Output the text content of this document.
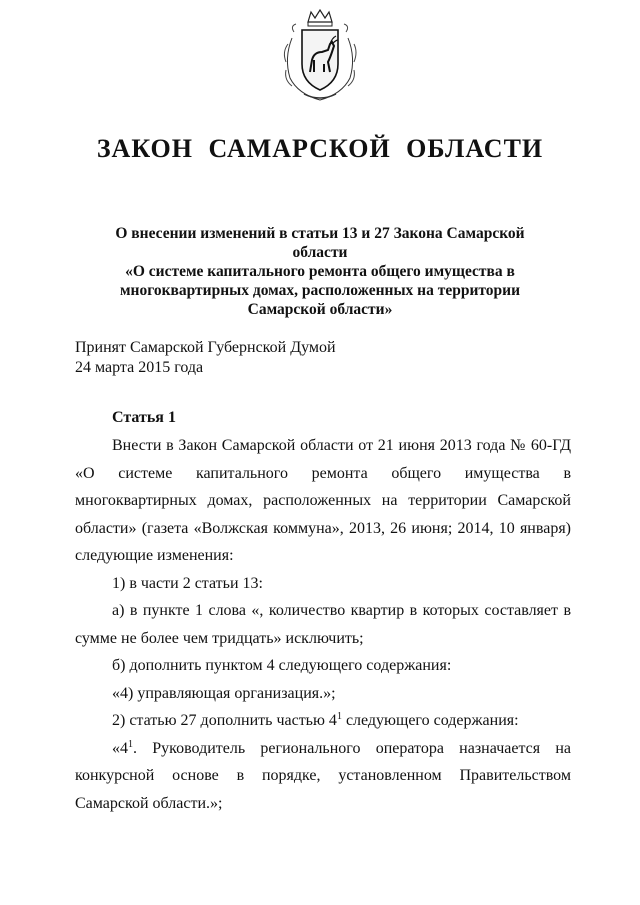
ЗАКОН САМАРСКОЙ ОБЛАСТИ
О внесении изменений в статьи 13 и 27 Закона Самарской области
«О системе капитального ремонта общего имущества в
многоквартирных домах, расположенных на территории
Самарской области»
Принят Самарской Губернской Думой
24 марта 2015 года
Статья 1

Внести в Закон Самарской области от 21 июня 2013 года № 60-ГД «О системе капитального ремонта общего имущества в многоквартирных домах, расположенных на территории Самарской области» (газета «Волжская коммуна», 2013, 26 июня; 2014, 10 января) следующие изменения:

1) в части 2 статьи 13:

а) в пункте 1 слова «, количество квартир в которых составляет в сумме не более чем тридцать» исключить;

б) дополнить пунктом 4 следующего содержания:

«4) управляющая организация.»;

2) статью 27 дополнить частью $4^1$ следующего содержания:

«$4^1$. Руководитель регионального оператора назначается на конкурсной основе в порядке, установленном Правительством Самарской области.»;
